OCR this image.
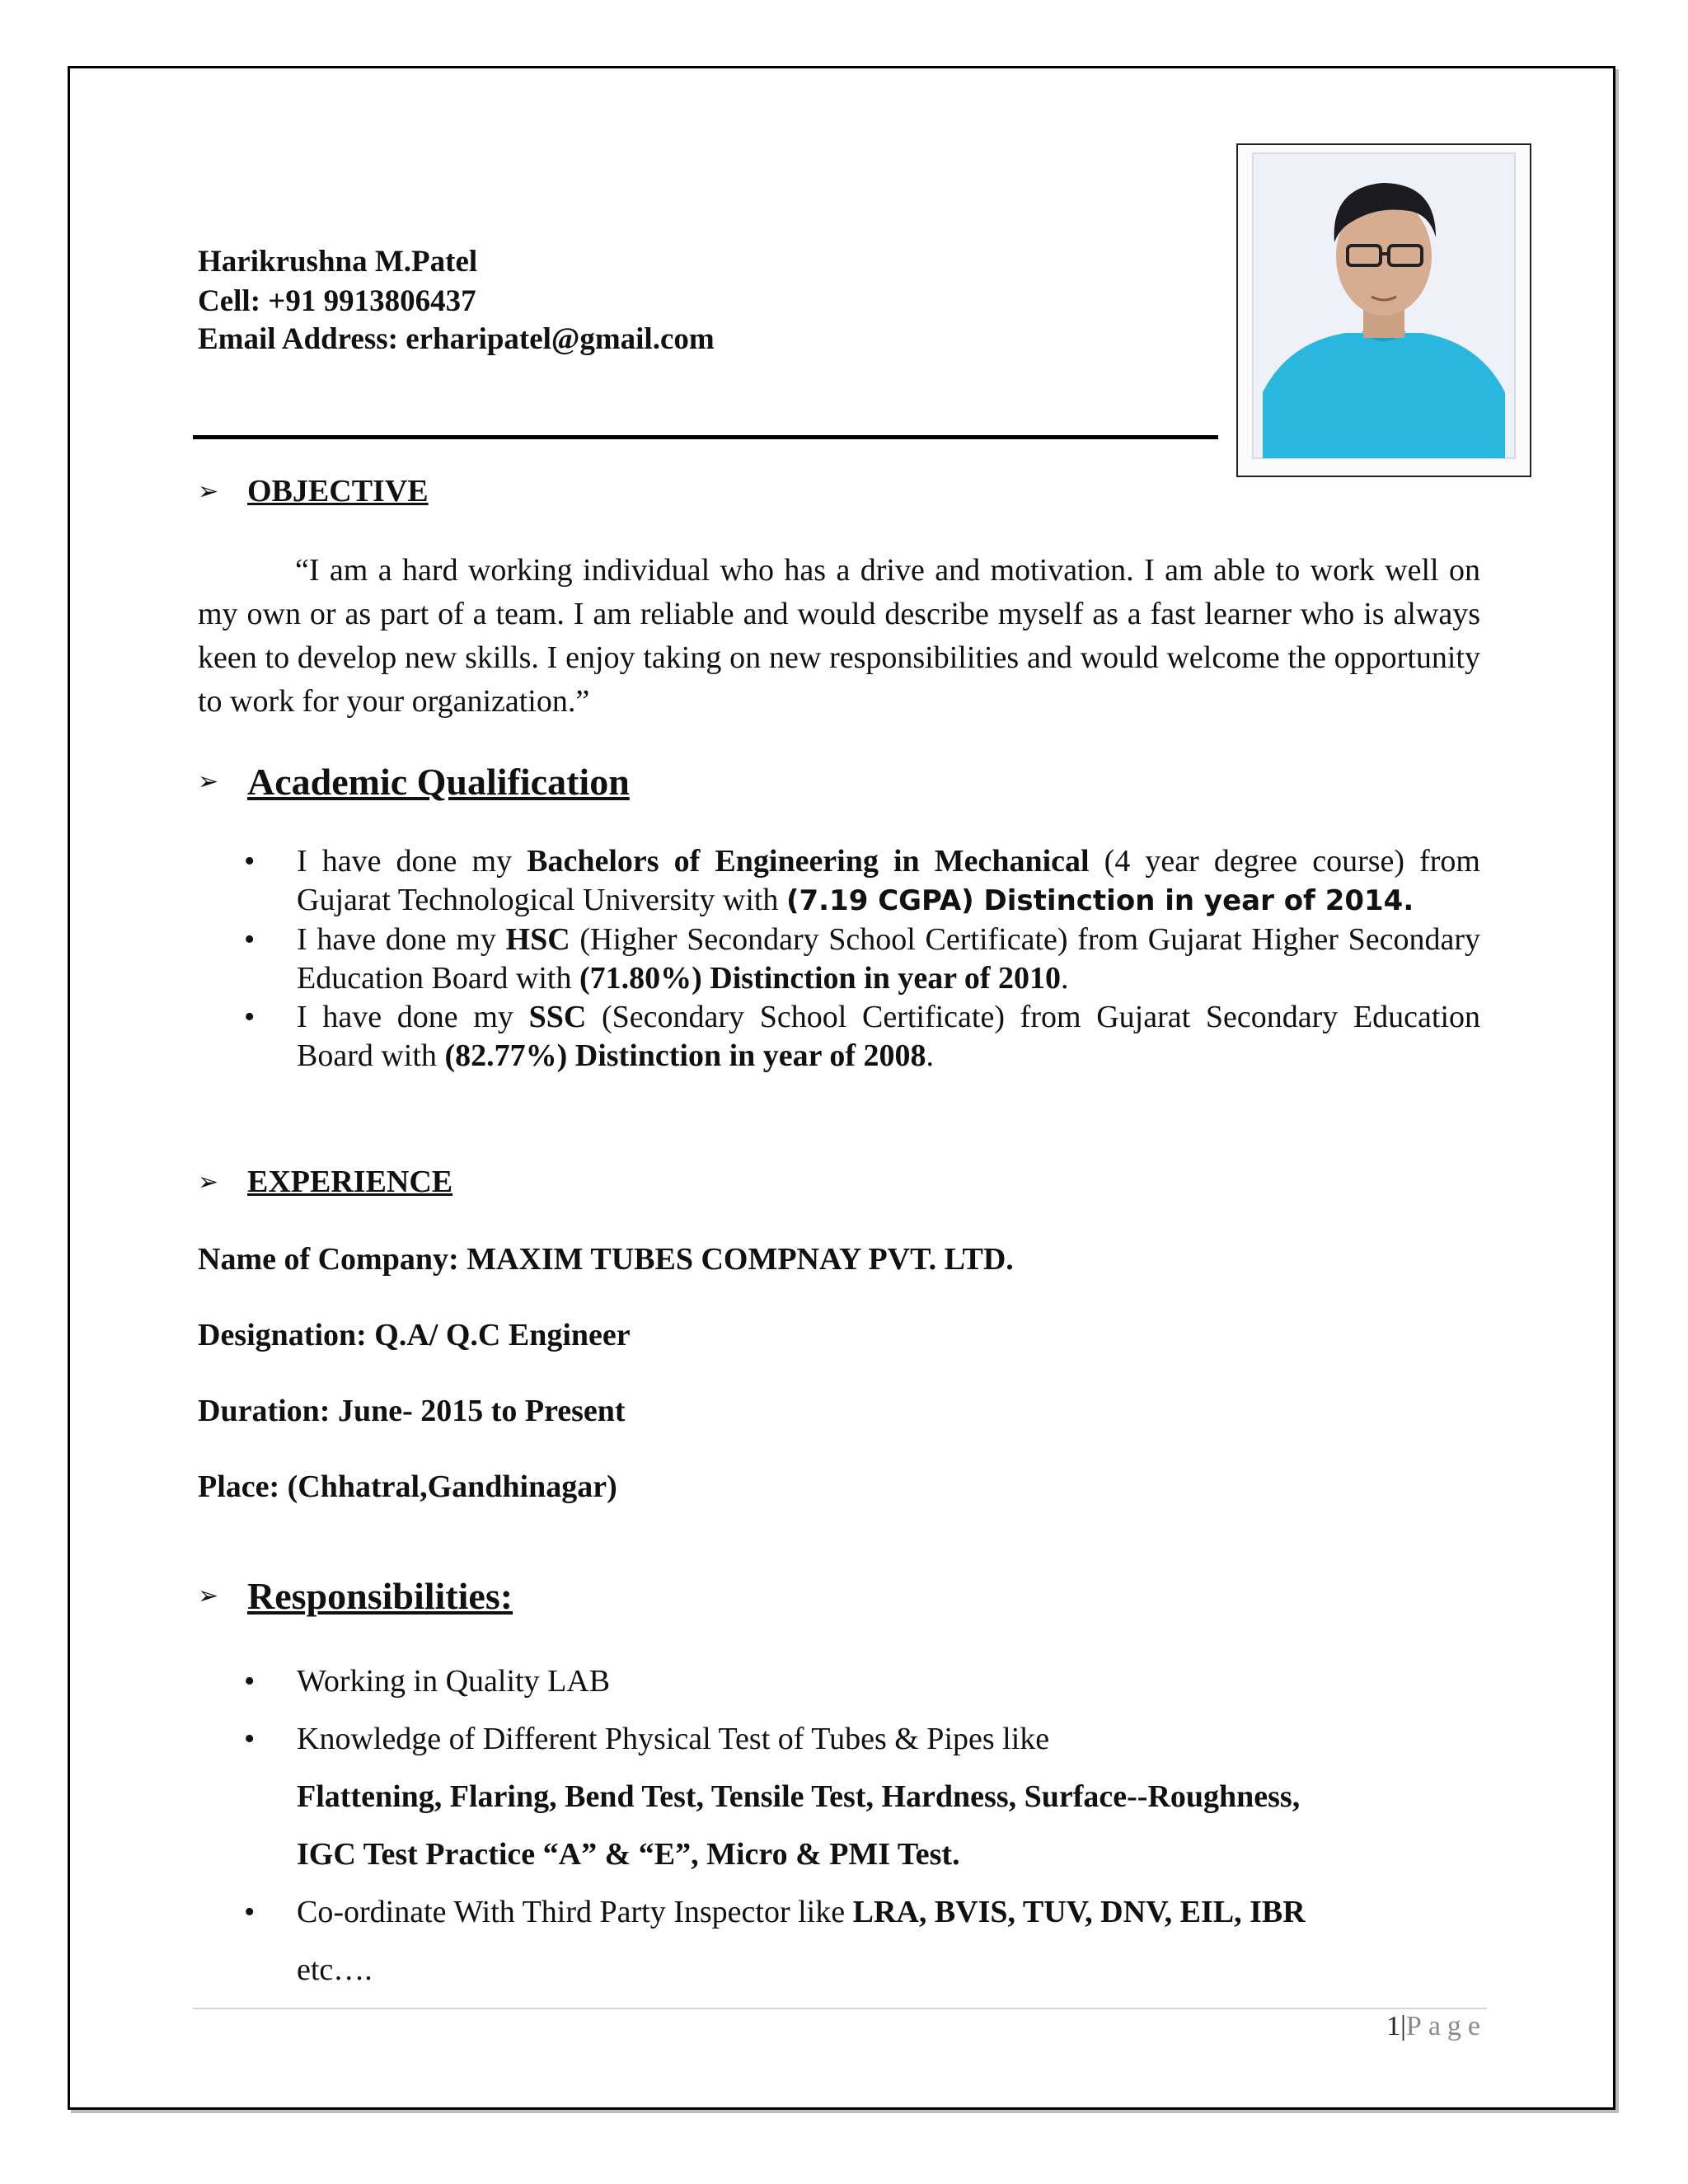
Harikrushna M.Patel
Cell: +91 9913806437
Email Address: erharipatel@gmail.com
➢ OBJECTIVE
“I am a hard working individual who has a drive and motivation. I am able to work well on my own or as part of a team. I am reliable and would describe myself as a fast learner who is always keen to develop new skills. I enjoy taking on new responsibilities and would welcome the opportunity to work for your organization.”
➢ Academic Qualification
• I have done my Bachelors of Engineering in Mechanical (4 year degree course) from Gujarat Technological University with (7.19 CGPA) Distinction in year of 2014.
• I have done my HSC (Higher Secondary School Certificate) from Gujarat Higher Secondary Education Board with (71.80%) Distinction in year of 2010.
• I have done my SSC (Secondary School Certificate) from Gujarat Secondary Education Board with (82.77%) Distinction in year of 2008.
➢ EXPERIENCE
Name of Company: MAXIM TUBES COMPNAY PVT. LTD.
Designation: Q.A/ Q.C Engineer
Duration: June- 2015 to Present
Place: (Chhatral,Gandhinagar)
➢ Responsibilities:
• Working in Quality LAB
• Knowledge of Different Physical Test of Tubes & Pipes like
Flattening, Flaring, Bend Test, Tensile Test, Hardness, Surface--Roughness,
IGC Test Practice “A” & “E”, Micro & PMI Test.
• Co-ordinate With Third Party Inspector like LRA, BVIS, TUV, DNV, EIL, IBR
etc….
1|Page
